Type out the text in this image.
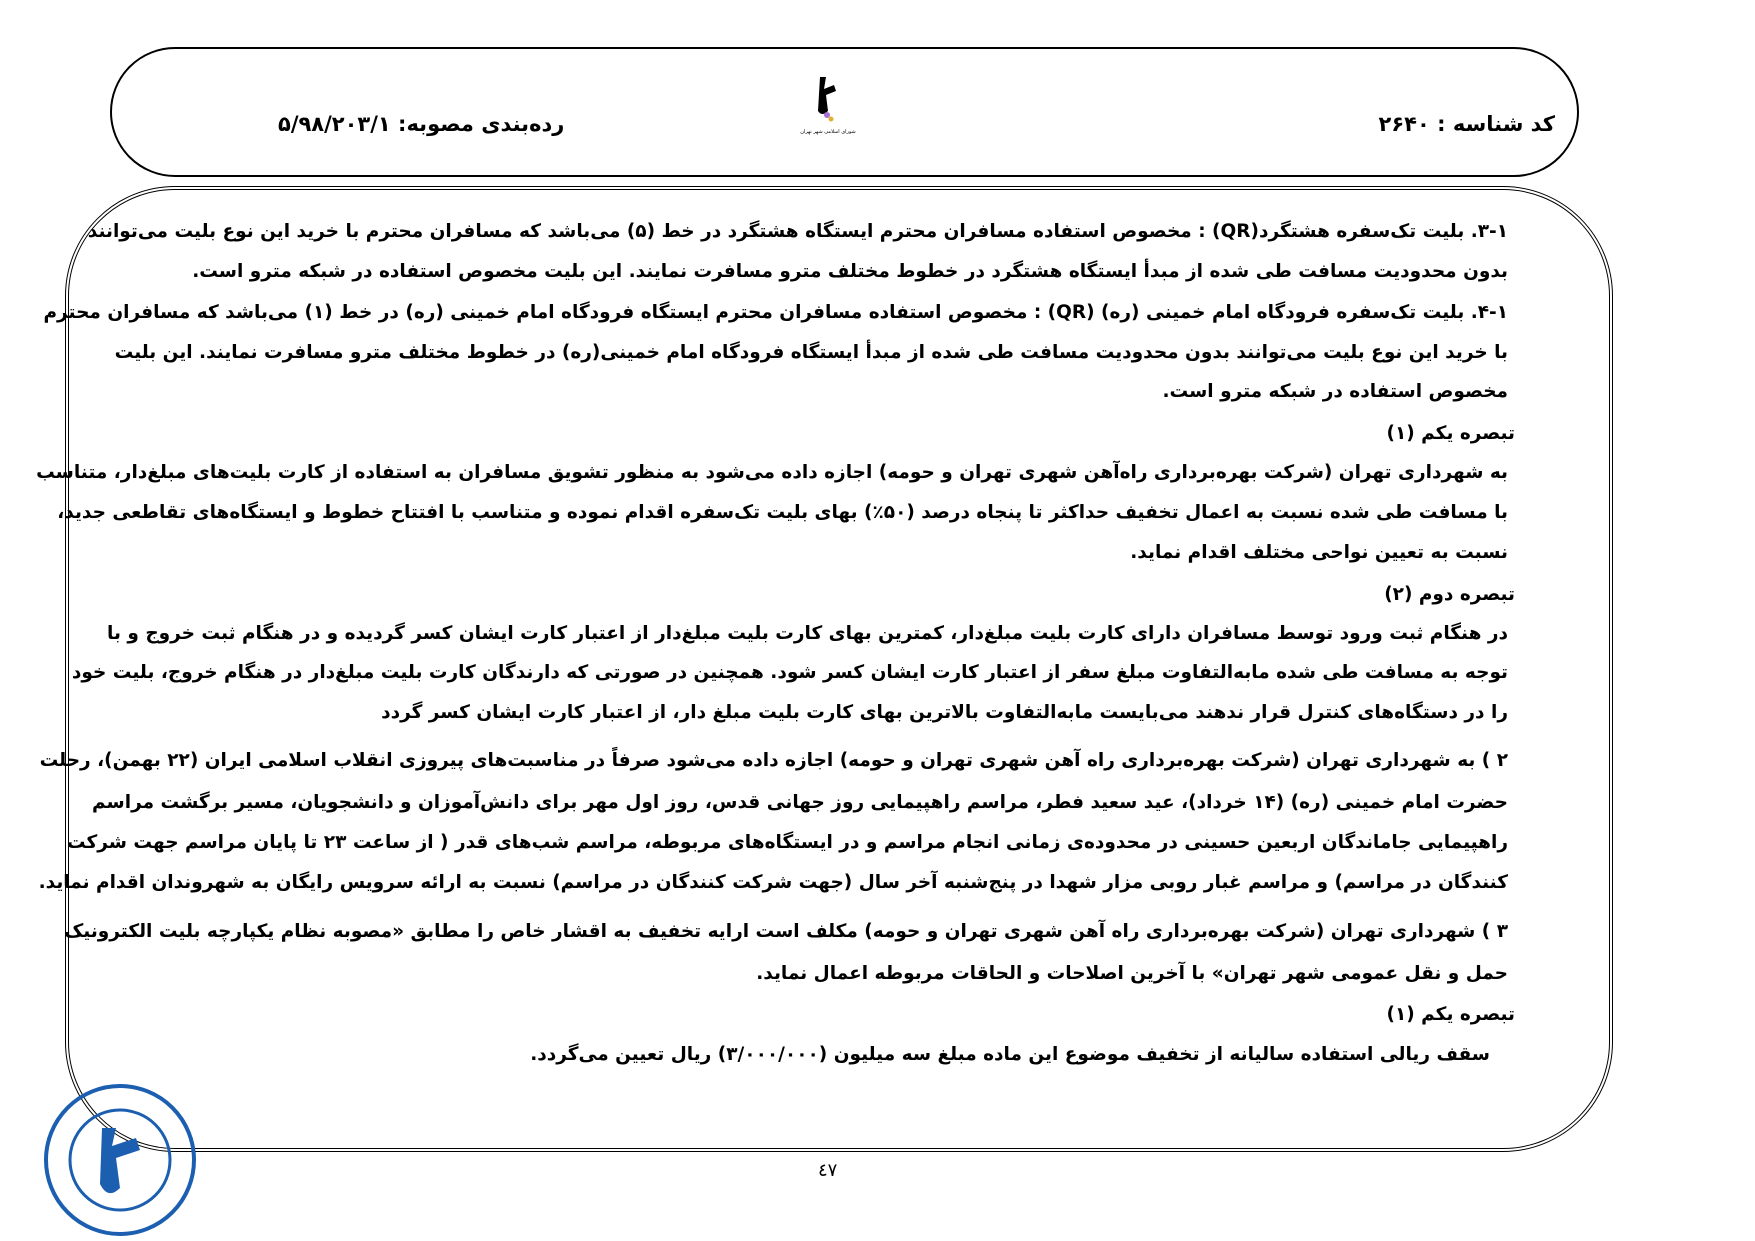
کد شناسه : ۲۶۴۰
رده‌بندی مصوبه: ۵/۹۸/۲۰۳/۱	شورای اسلامی شهر تهران
۳-۱. بلیت تک‌سفره هشتگرد(QR) : مخصوص استفاده مسافران محترم ایستگاه هشتگرد در خط (۵) می‌باشد که مسافران محترم با خرید این نوع بلیت می‌توانند
بدون محدودیت مسافت طی شده از مبدأ ایستگاه هشتگرد در خطوط مختلف مترو مسافرت نمایند. این بلیت مخصوص استفاده در شبکه مترو است.
۴-۱. بلیت تک‌سفره فرودگاه امام خمینی (ره) (QR) : مخصوص استفاده مسافران محترم ایستگاه فرودگاه امام خمینی (ره) در خط (۱) می‌باشد که مسافران محترم
با خرید این نوع بلیت می‌توانند بدون محدودیت مسافت طی شده از مبدأ ایستگاه فرودگاه امام خمینی(ره) در خطوط مختلف مترو مسافرت نمایند. این بلیت
مخصوص استفاده در شبکه مترو است.
تبصره یکم (۱)
به شهرداری تهران (شرکت بهره‌برداری راه‌آهن شهری تهران و حومه) اجازه داده می‌شود به منظور تشویق مسافران به استفاده از کارت بلیت‌های مبلغ‌دار، متناسب
با مسافت طی شده نسبت به اعمال تخفیف حداکثر تا پنجاه درصد (۵۰٪) بهای بلیت تک‌سفره اقدام نموده و متناسب با افتتاح خطوط و ایستگاه‌های تقاطعی جدید،
نسبت به تعیین نواحی مختلف اقدام نماید.
تبصره دوم (۲)
در هنگام ثبت ورود توسط مسافران دارای کارت بلیت مبلغ‌دار، کمترین بهای کارت بلیت مبلغ‌دار از اعتبار کارت ایشان کسر گردیده و در هنگام ثبت خروج و با
توجه به مسافت طی شده مابه‌التفاوت مبلغ سفر از اعتبار کارت ایشان کسر شود. همچنین در صورتی که دارندگان کارت بلیت مبلغ‌دار در هنگام خروج، بلیت خود
را در دستگاه‌های کنترل قرار ندهند می‌بایست مابه‌التفاوت بالاترین بهای کارت بلیت مبلغ دار، از اعتبار کارت ایشان کسر گردد
۲ ) به شهرداری تهران (شرکت بهره‌برداری راه آهن شهری تهران و حومه) اجازه داده می‌شود صرفاً در مناسبت‌های پیروزی انقلاب اسلامی ایران (۲۲ بهمن)، رحلت
حضرت امام خمینی (ره) (۱۴ خرداد)، عید سعید فطر، مراسم راهپیمایی روز جهانی قدس، روز اول مهر برای دانش‌آموزان و دانشجویان، مسیر برگشت مراسم
راهپیمایی جاماندگان اربعین حسینی در محدوده‌ی زمانی انجام مراسم و در ایستگاه‌های مربوطه، مراسم شب‌های قدر ( از ساعت ۲۳ تا پایان مراسم جهت شرکت
کنندگان در مراسم) و مراسم غبار روبی مزار شهدا در پنج‌شنبه آخر سال (جهت شرکت کنندگان در مراسم) نسبت به ارائه سرویس رایگان به شهروندان اقدام نماید.
۳ ) شهرداری تهران (شرکت بهره‌برداری راه آهن شهری تهران و حومه) مکلف است ارایه تخفیف به اقشار خاص را مطابق «مصوبه نظام یکپارچه بلیت الکترونیک
حمل و نقل عمومی شهر تهران» با آخرین اصلاحات و الحاقات مربوطه اعمال نماید.
تبصره یکم (۱)
سقف ریالی استفاده سالیانه از تخفیف موضوع این ماده مبلغ سه میلیون (۳/۰۰۰/۰۰۰) ریال تعیین می‌گردد.
٤٧
